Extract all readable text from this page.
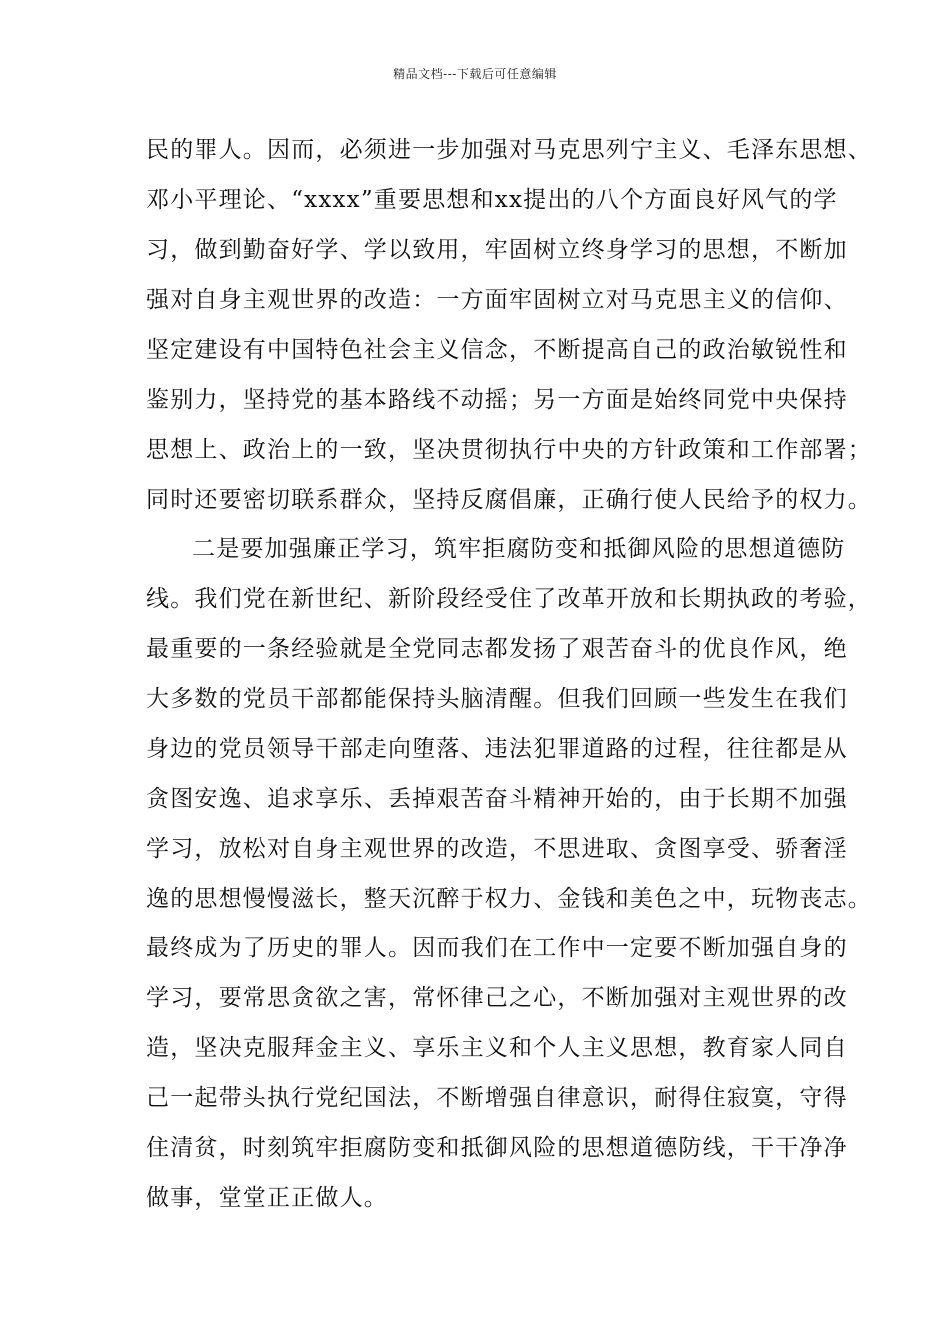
精品文档---下载后可任意编辑
民的罪人。因而，必须进一步加强对马克思列宁主义、毛泽东思想、
邓小平理论、“xxxx”重要思想和xx提出的八个方面良好风气的学
习，做到勤奋好学、学以致用，牢固树立终身学习的思想，不断加
强对自身主观世界的改造：一方面牢固树立对马克思主义的信仰、
坚定建设有中国特色社会主义信念，不断提高自己的政治敏锐性和
鉴别力，坚持党的基本路线不动摇；另一方面是始终同党中央保持
思想上、政治上的一致，坚决贯彻执行中央的方针政策和工作部署；
同时还要密切联系群众，坚持反腐倡廉，正确行使人民给予的权力。
二是要加强廉正学习，筑牢拒腐防变和抵御风险的思想道德防
线。我们党在新世纪、新阶段经受住了改革开放和长期执政的考验，
最重要的一条经验就是全党同志都发扬了艰苦奋斗的优良作风，绝
大多数的党员干部都能保持头脑清醒。但我们回顾一些发生在我们
身边的党员领导干部走向堕落、违法犯罪道路的过程，往往都是从
贪图安逸、追求享乐、丢掉艰苦奋斗精神开始的，由于长期不加强
学习，放松对自身主观世界的改造，不思进取、贪图享受、骄奢淫
逸的思想慢慢滋长，整天沉醉于权力、金钱和美色之中，玩物丧志。
最终成为了历史的罪人。因而我们在工作中一定要不断加强自身的
学习，要常思贪欲之害，常怀律己之心，不断加强对主观世界的改
造，坚决克服拜金主义、享乐主义和个人主义思想，教育家人同自
己一起带头执行党纪国法，不断增强自律意识，耐得住寂寞，守得
住清贫，时刻筑牢拒腐防变和抵御风险的思想道德防线，干干净净
做事，堂堂正正做人。
